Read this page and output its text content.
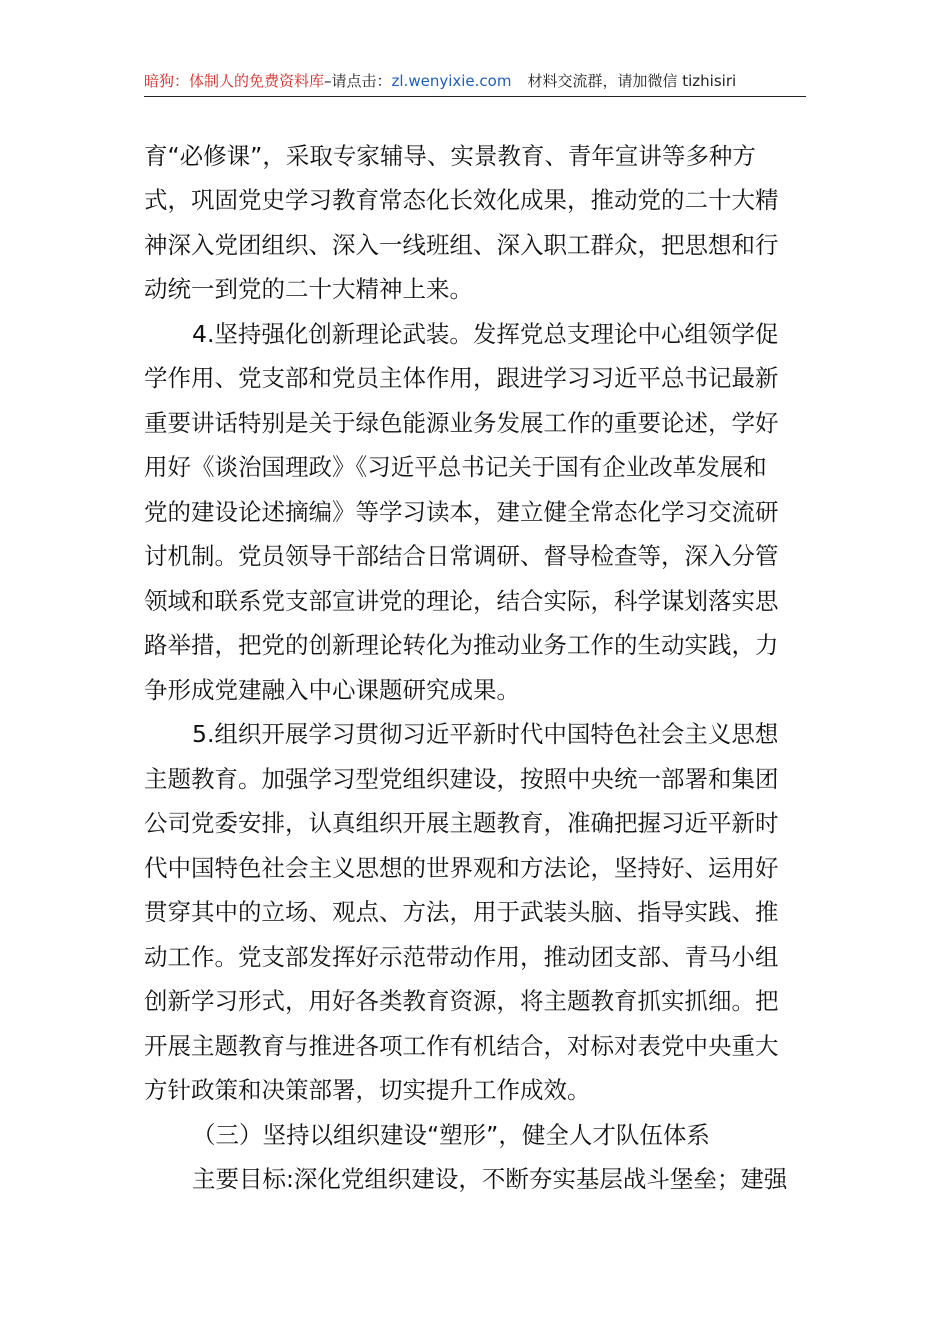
暗狗：体制人的免费资料库–请点击：zl.wenyixie.com 材料交流群，请加微信 tizhisiri
育“必修课”，采取专家辅导、实景教育、青年宣讲等多种方
式，巩固党史学习教育常态化长效化成果，推动党的二十大精
神深入党团组织、深入一线班组、深入职工群众，把思想和行
动统一到党的二十大精神上来。
4.坚持强化创新理论武装。发挥党总支理论中心组领学促
学作用、党支部和党员主体作用，跟进学习习近平总书记最新
重要讲话特别是关于绿色能源业务发展工作的重要论述，学好
用好《谈治国理政》《习近平总书记关于国有企业改革发展和
党的建设论述摘编》等学习读本，建立健全常态化学习交流研
讨机制。党员领导干部结合日常调研、督导检查等，深入分管
领域和联系党支部宣讲党的理论，结合实际，科学谋划落实思
路举措，把党的创新理论转化为推动业务工作的生动实践，力
争形成党建融入中心课题研究成果。
5.组织开展学习贯彻习近平新时代中国特色社会主义思想
主题教育。加强学习型党组织建设，按照中央统一部署和集团
公司党委安排，认真组织开展主题教育，准确把握习近平新时
代中国特色社会主义思想的世界观和方法论，坚持好、运用好
贯穿其中的立场、观点、方法，用于武装头脑、指导实践、推
动工作。党支部发挥好示范带动作用，推动团支部、青马小组
创新学习形式，用好各类教育资源，将主题教育抓实抓细。把
开展主题教育与推进各项工作有机结合，对标对表党中央重大
方针政策和决策部署，切实提升工作成效。
（三）坚持以组织建设“塑形”，健全人才队伍体系
主要目标:深化党组织建设，不断夯实基层战斗堡垒；建强
